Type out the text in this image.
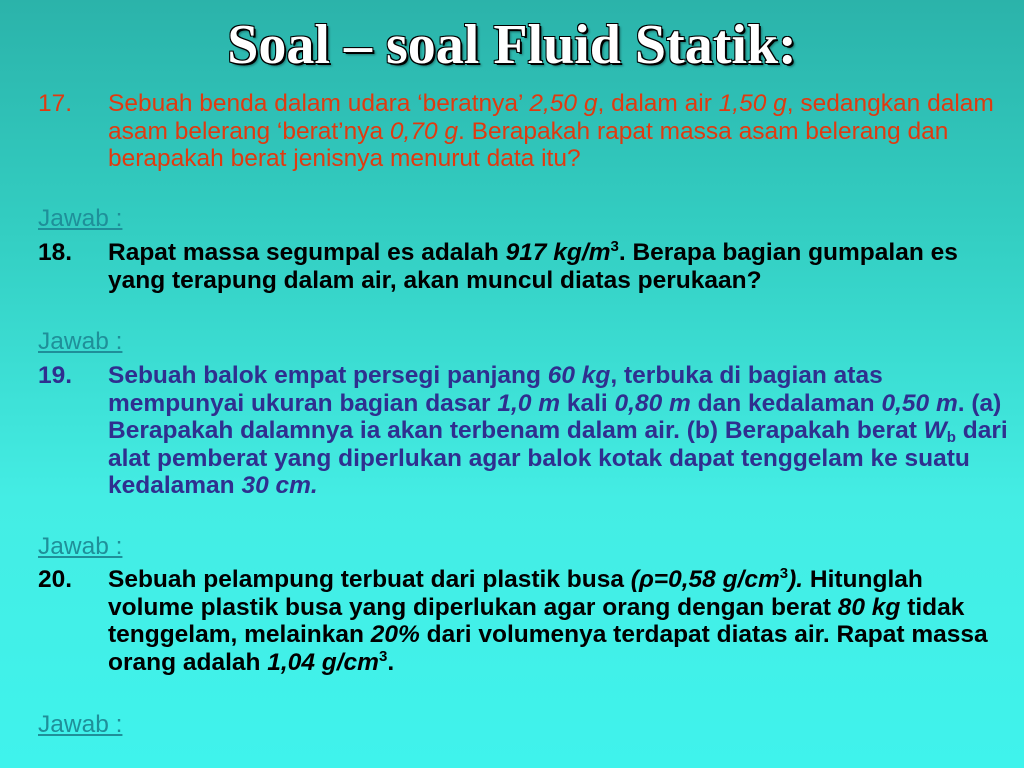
Soal – soal Fluid Statik:
17. Sebuah benda dalam udara ‘beratnya’ 2,50 g, dalam air 1,50 g, sedangkan dalam asam belerang ‘berat’nya 0,70 g. Berapakah rapat massa asam belerang dan berapakah berat jenisnya menurut data itu?
Jawab :
18. Rapat massa segumpal es adalah 917 $kg/m^3$. Berapa bagian gumpalan es yang terapung dalam air, akan muncul diatas perukaan?
Jawab :
19. Sebuah balok empat persegi panjang 60 kg, terbuka di bagian atas mempunyai ukuran bagian dasar 1,0 m kali 0,80 m dan kedalaman 0,50 m. (a) Berapakah dalamnya ia akan terbenam dalam air. (b) Berapakah berat $W_b$ dari alat pemberat yang diperlukan agar balok kotak dapat tenggelam ke suatu kedalaman 30 cm.
Jawab :
20. Sebuah pelampung terbuat dari plastik busa (ρ=0,58 $g/cm^3$). Hitunglah volume plastik busa yang diperlukan agar orang dengan berat 80 kg tidak tenggelam, melainkan 20% dari volumenya terdapat diatas air. Rapat massa orang adalah 1,04 $g/cm^3$.
Jawab :
